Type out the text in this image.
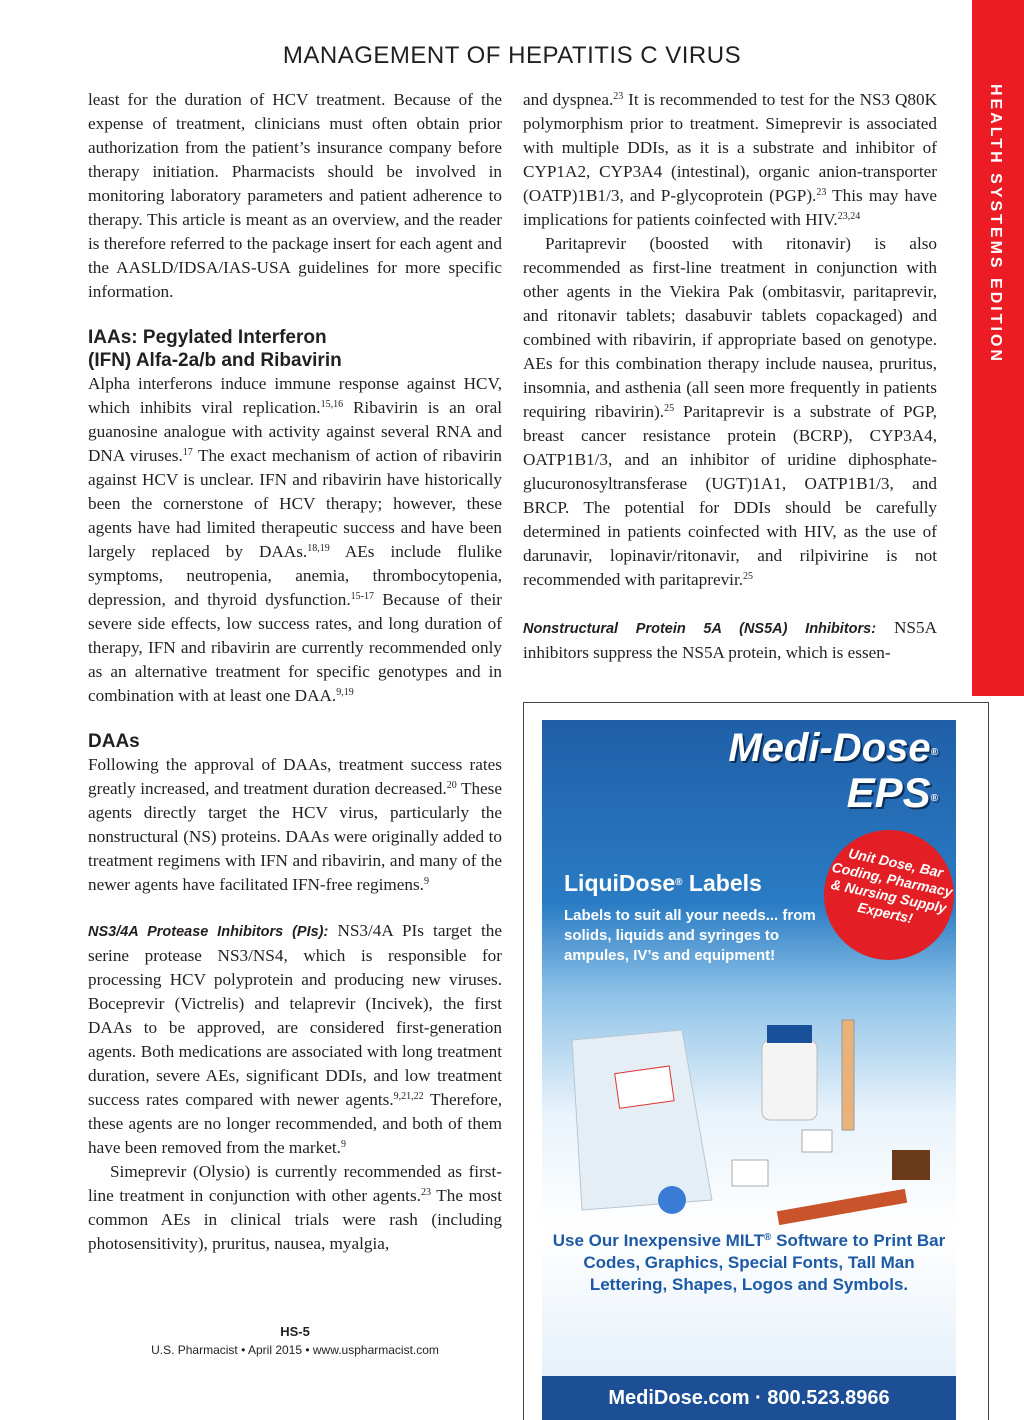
MANAGEMENT OF HEPATITIS C VIRUS
HEALTH SYSTEMS EDITION

least for the duration of HCV treatment. Because of the expense of treatment, clinicians must often obtain prior authorization from the patient’s insurance company before therapy initiation. Pharmacists should be involved in monitoring laboratory parameters and patient adherence to therapy. This article is meant as an overview, and the reader is therefore referred to the package insert for each agent and the AASLD/IDSA/IAS-USA guidelines for more specific information.

IAAs: Pegylated Interferon
(IFN) Alfa-2a/b and Ribavirin

Alpha interferons induce immune response against HCV, which inhibits viral replication.$^{15,16}$ Ribavirin is an oral guanosine analogue with activity against several RNA and DNA viruses.$^{17}$ The exact mechanism of action of ribavirin against HCV is unclear. IFN and ribavirin have historically been the cornerstone of HCV therapy; however, these agents have had limited therapeutic success and have been largely replaced by DAAs.$^{18,19}$ AEs include flulike symptoms, neutropenia, anemia, thrombocytopenia, depression, and thyroid dysfunction.$^{15-17}$ Because of their severe side effects, low success rates, and long duration of therapy, IFN and ribavirin are currently recommended only as an alternative treatment for specific genotypes and in combination with at least one DAA.$^{9,19}$

DAAs

Following the approval of DAAs, treatment success rates greatly increased, and treatment duration decreased.$^{20}$ These agents directly target the HCV virus, particularly the nonstructural (NS) proteins. DAAs were originally added to treatment regimens with IFN and ribavirin, and many of the newer agents have facilitated IFN-free regimens.$^9$

NS3/4A Protease Inhibitors (PIs): NS3/4A PIs target the serine protease NS3/NS4, which is responsible for processing HCV polyprotein and producing new viruses. Boceprevir (Victrelis) and telaprevir (Incivek), the first DAAs to be approved, are considered first-generation agents. Both medications are associated with long treatment duration, severe AEs, significant DDIs, and low treatment success rates compared with newer agents.$^{9,21,22}$ Therefore, these agents are no longer recommended, and both of them have been removed from the market.$^9$

Simeprevir (Olysio) is currently recommended as first-line treatment in conjunction with other agents.$^{23}$ The most common AEs in clinical trials were rash (including photosensitivity), pruritus, nausea, myalgia,

and dyspnea.$^{23}$ It is recommended to test for the NS3 Q80K polymorphism prior to treatment. Simeprevir is associated with multiple DDIs, as it is a substrate and inhibitor of CYP1A2, CYP3A4 (intestinal), organic anion-transporter (OATP)1B1/3, and P-glycoprotein (PGP).$^{23}$ This may have implications for patients coinfected with HIV.$^{23,24}$

Paritaprevir (boosted with ritonavir) is also recommended as first-line treatment in conjunction with other agents in the Viekira Pak (ombitasvir, paritaprevir, and ritonavir tablets; dasabuvir tablets copackaged) and combined with ribavirin, if appropriate based on genotype. AEs for this combination therapy include nausea, pruritus, insomnia, and asthenia (all seen more frequently in patients requiring ribavirin).$^{25}$ Paritaprevir is a substrate of PGP, breast cancer resistance protein (BCRP), CYP3A4, OATP1B1/3, and an inhibitor of uridine diphosphate-glucuronosyltransferase (UGT)1A1, OATP1B1/3, and BRCP. The potential for DDIs should be carefully determined in patients coinfected with HIV, as the use of darunavir, lopinavir/ritonavir, and rilpivirine is not recommended with paritaprevir.$^{25}$

Nonstructural Protein 5A (NS5A) Inhibitors: NS5A inhibitors suppress the NS5A protein, which is essen-

Medi-Dose®
EPS®
Unit Dose, Bar Coding, Pharmacy & Nursing Supply Experts!
LiquiDose® Labels
Labels to suit all your needs... from solids, liquids and syringes to ampules, IV’s and equipment!
Use Our Inexpensive MILT® Software to Print Bar Codes, Graphics, Special Fonts, Tall Man Lettering, Shapes, Logos and Symbols.
MediDose.com · 800.523.8966
HS-5
U.S. Pharmacist • April 2015 • www.uspharmacist.com
